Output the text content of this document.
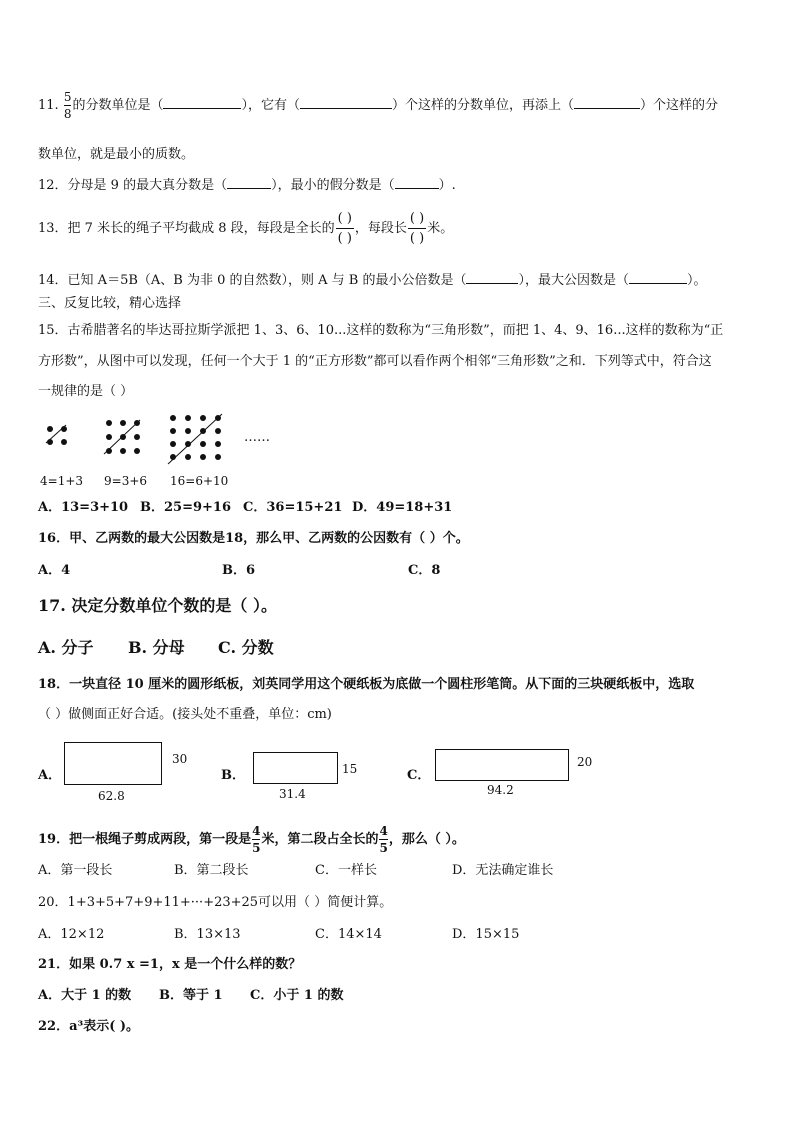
11. $\frac{5}{8}$ 的分数单位是（	），它有（	）个这样的分数单位，再添上（	）个这样的分
数单位，就是最小的质数。
12．分母是 9 的最大真分数是（	），最小的假分数是（	）.
13．把 7 米长的绳子平均截成 8 段，每段是全长的 $\frac{( )}{( )}$ ，每段长 $\frac{( )}{( )}$ 米。
14．已知 A＝5B（A、B 为非 0 的自然数），则 A 与 B 的最小公倍数是（	），最大公因数是（	）。
三、反复比较，精心选择
15．古希腊著名的毕达哥拉斯学派把 1、3、6、10...这样的数称为“三角形数”，而把 1、4、9、16...这样的数称为“正
方形数”，从图中可以发现，任何一个大于 1 的“正方形数”都可以看作两个相邻“三角形数”之和．下列等式中，符合这
一规律的是（ ）
……
4=1+3 9=3+6 16=6+10
A．13=3+10 B．25=9+16 C．36=15+21 D．49=18+31
16．甲、乙两数的最大公因数是18，那么甲、乙两数的公因数有（ ）个。
A．4	B．6	C．8
17. 决定分数单位个数的是（ ）。
A. 分子 B. 分母 C. 分数
18．一块直径 10 厘米的圆形纸板，刘英同学用这个硬纸板为底做一个圆柱形笔筒。从下面的三块硬纸板中，选取
（ ）做侧面正好合适。(接头处不重叠，单位：cm)
A．
30
62.8
B．	15
31.4
C．
20
94.2
19．把一根绳子剪成两段，第一段是 $\frac{4}{5}$ 米，第二段占全长的 $\frac{4}{5}$ ，那么（ ）。
A．第一段长	B．第二段长	C．一样长	D．无法确定谁长
20．1+3+5+7+9+11+···+23+25可以用（ ）简便计算。
A．12×12	B．13×13	C．14×14	D．15×15
21．如果 0.7 x =1，x 是一个什么样的数？
A．大于 1 的数 B．等于 1 C．小于 1 的数
22．a³表示( )。
